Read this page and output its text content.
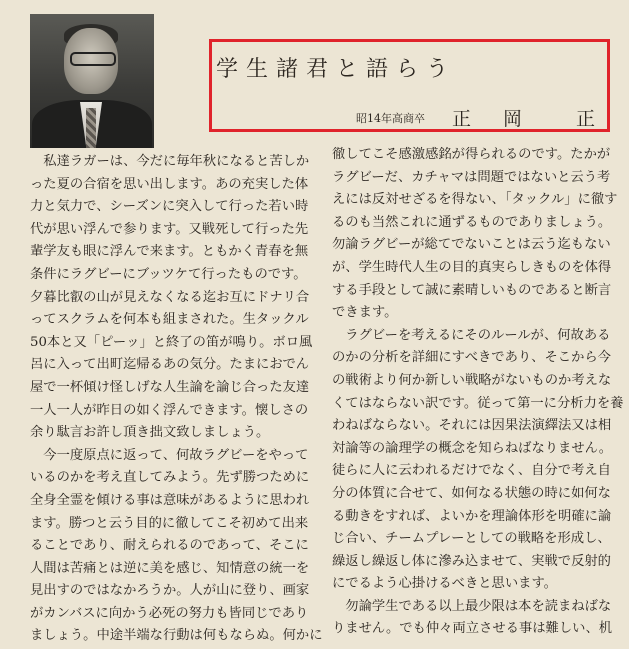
学生諸君と語らう
昭14年高商卒 正 岡	正

　私達ラガーは、今だに毎年秋になると苦しか

った夏の合宿を思い出します。あの充実した体

力と気力で、シーズンに突入して行った若い時

代が思い浮んで参ります。又戦死して行った先

輩学友も眼に浮んで来ます。ともかく青春を無

条件にラグビーにブッツケて行ったものです。

夕暮比叡の山が見えなくなる迄お互にドナリ合

ってスクラムを何本も組まされた。生タックル

50本と又「ピーッ」と終了の笛が鳴り。ボロ風

呂に入って出町迄帰るあの気分。たまにおでん

屋で一杯傾け怪しげな人生論を論じ合った友達

一人一人が昨日の如く浮んできます。懐しさの

余り駄言お許し頂き拙文致しましょう。

　今一度原点に返って、何故ラグビーをやって

いるのかを考え直してみよう。先ず勝つために

全身全霊を傾ける事は意味があるように思われ

ます。勝つと云う目的に徹してこそ初めて出来

ることであり、耐えられるのであって、そこに

人間は苦痛とは逆に美を感じ、知情意の統一を

見出すのではなかろうか。人が山に登り、画家

がカンバスに向かう必死の努力も皆同じであり

ましょう。中途半端な行動は何もならぬ。何かに

徹してこそ感激感銘が得られるのです。たかが

ラグビーだ、カチャマは問題ではないと云う考

えには反対せざるを得ない、「タックル」に徹す

るのも当然これに通ずるものでありましょう。

勿論ラグビーが総てでないことは云う迄もない

が、学生時代人生の目的真実らしきものを体得

する手段として誠に素晴しいものであると断言

できます。

　ラグビーを考えるにそのルールが、何故ある

のかの分析を詳細にすべきであり、そこから今

の戦術より何か新しい戦略がないものか考えな

くてはならない訳です。従って第一に分析力を養

わねばならない。それには因果法演繹法又は相

対論等の論理学の概念を知らねばなりません。

徒らに人に云われるだけでなく、自分で考え自

分の体質に合せて、如何なる状態の時に如何な

る動きをすれば、よいかを理論体形を明確に論

じ合い、チームプレーとしての戦略を形成し、

繰返し繰返し体に滲み込ませて、実戦で反射的

にでるよう心掛けるべきと思います。

　勿論学生である以上最少限は本を読まねばな

りません。でも仲々両立させる事は難しい、机
